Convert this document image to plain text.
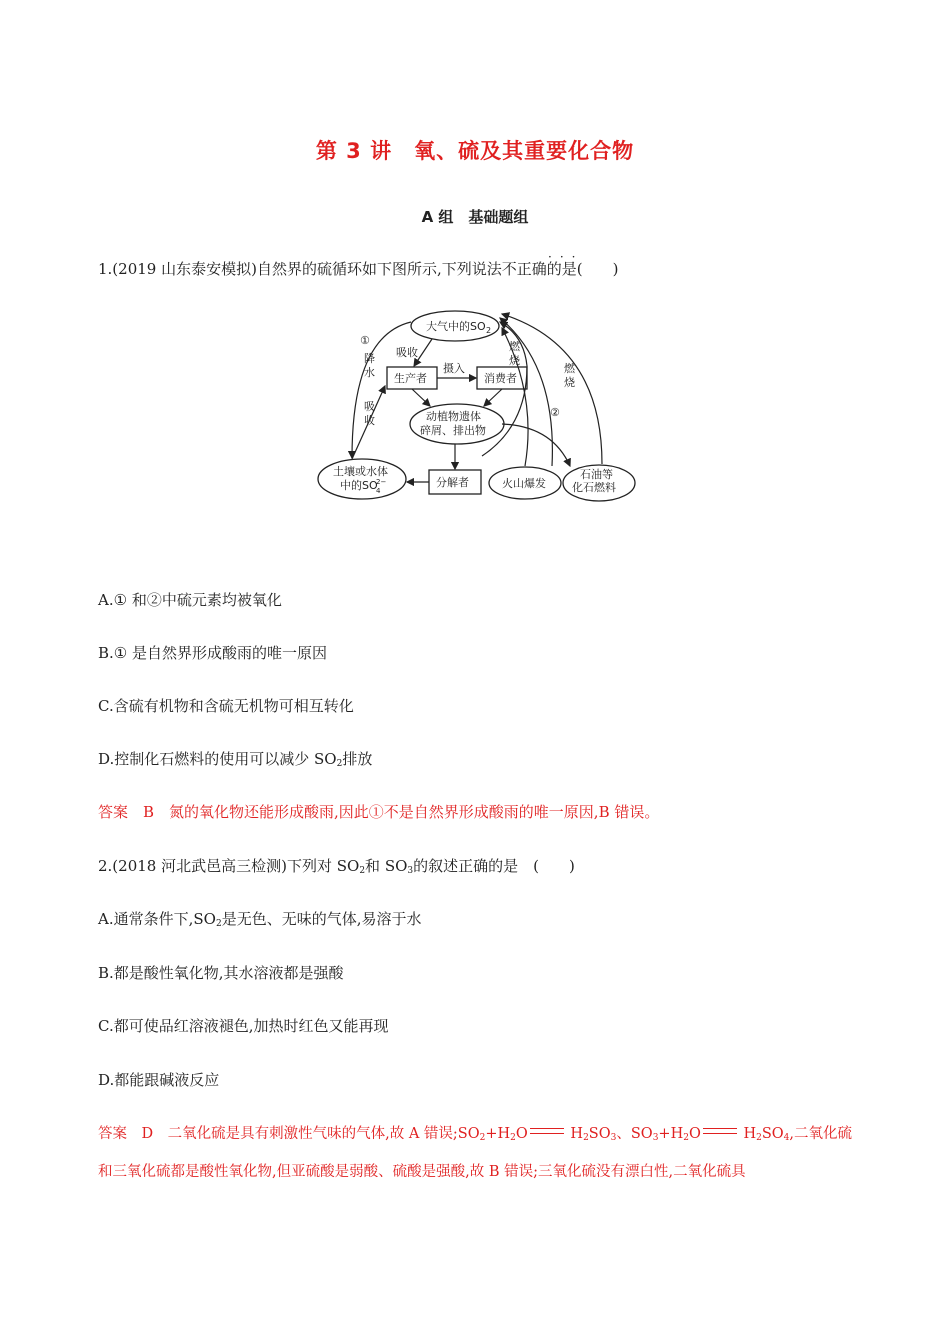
第 3 讲　氧、硫及其重要化合物
A 组　基础题组
···
1.(2019 山东泰安模拟)自然界的硫循环如下图所示,下列说法不正确的是(　　)
大气中的SO 2
生产者	消费者
动植物遗体
碎屑、排出物
土壤或水体
中的SO
2−
4
分解者	火山爆发
石油等
化石燃料
吸收
摄入
①
降
水
吸
收
燃
烧
②
燃
烧
A.① 和②中硫元素均被氧化
B.① 是自然界形成酸雨的唯一原因
C.含硫有机物和含硫无机物可相互转化
D.控制化石燃料的使用可以减少 $SO_2$排放
答案　B　氮的氧化物还能形成酸雨,因此①不是自然界形成酸雨的唯一原因,B 错误。
2.(2018 河北武邑高三检测)下列对 $SO_2$和 $SO_3$的叙述正确的是　(　　)
A.通常条件下$,SO_2$是无色、无味的气体,易溶于水
B.都是酸性氧化物,其水溶液都是强酸
C.都可使品红溶液褪色,加热时红色又能再现
D.都能跟碱液反应
答案　D　二氧化硫是具有刺激性气味的气体,故 A 错误$;SO_2+H_2O$	$H_2SO_3$、$SO_3+H_2O$	$H_2SO_4$,二氧化硫
和三氧化硫都是酸性氧化物,但亚硫酸是弱酸、硫酸是强酸,故 B 错误;三氧化硫没有漂白性,二氧化硫具
